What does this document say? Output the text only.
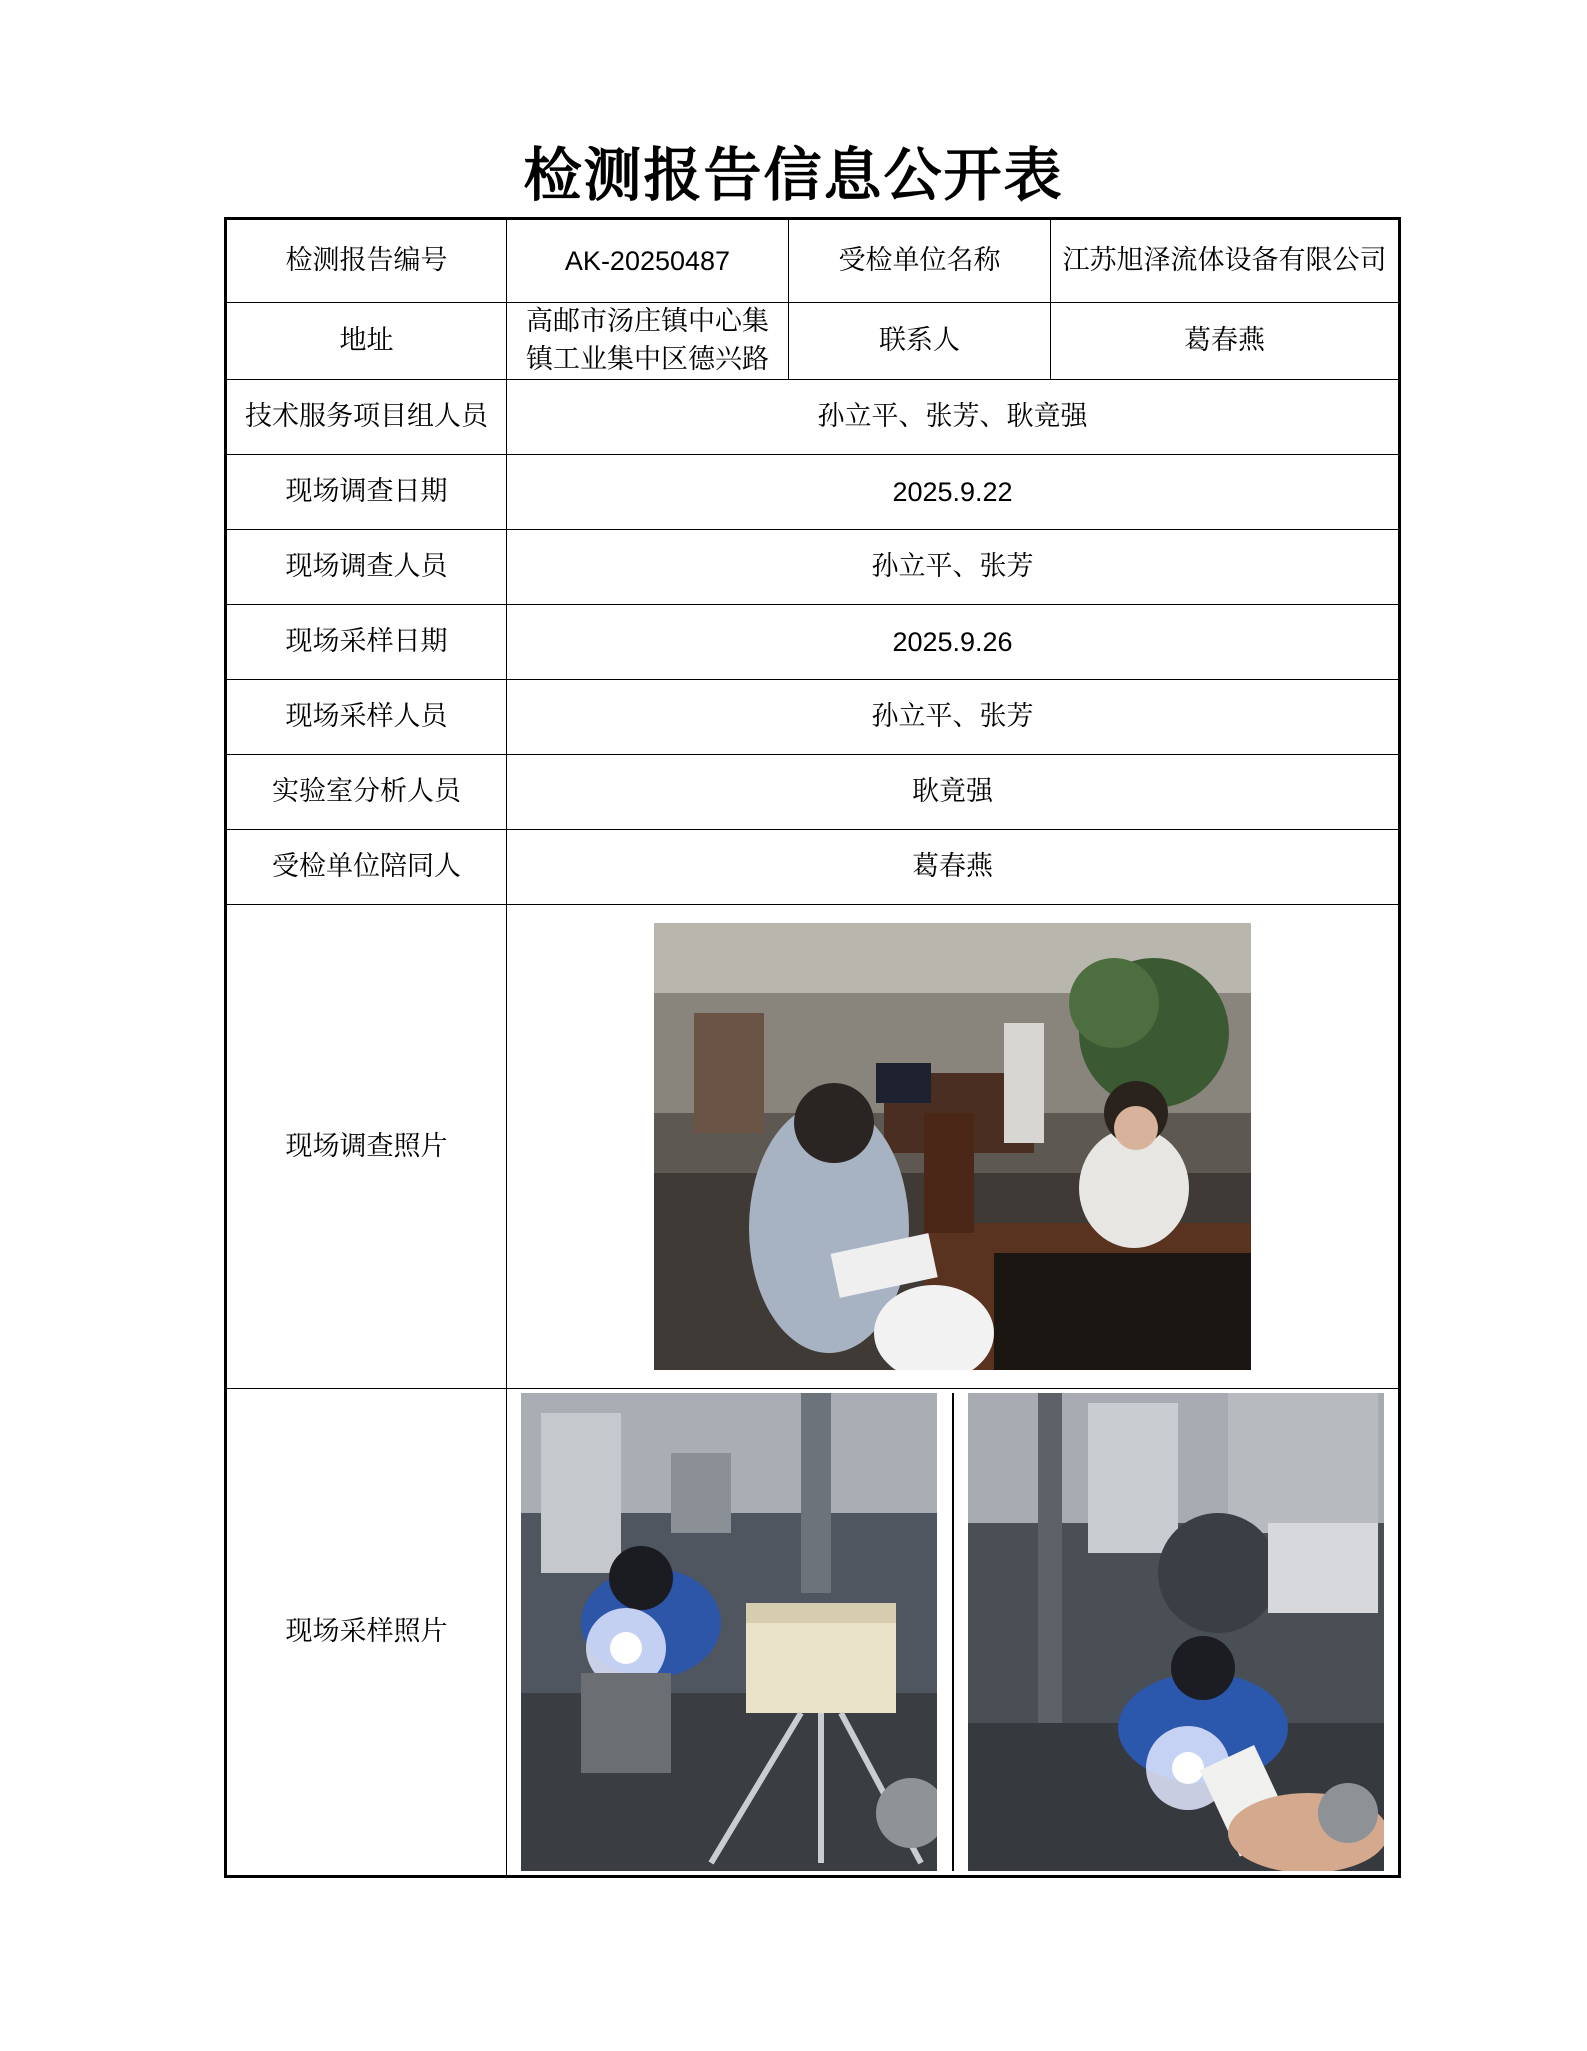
检测报告信息公开表
检测报告编号	AK-20250487	受检单位名称	江苏旭泽流体设备有限公司
地址	高邮市汤庄镇中心集镇工业集中区德兴路	联系人	葛春燕
技术服务项目组人员	孙立平、张芳、耿竟强		
现场调查日期	2025.9.22		
现场调查人员	孙立平、张芳		
现场采样日期	2025.9.26		
现场采样人员	孙立平、张芳		
实验室分析人员	耿竟强		
受检单位陪同人	葛春燕		
现场调查照片	

现场采样照片	
